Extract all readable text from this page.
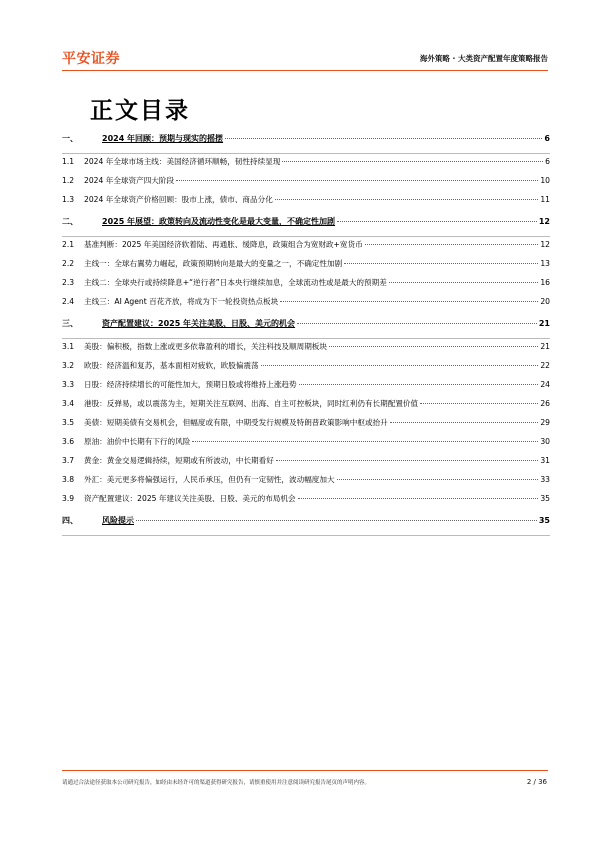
平安证券	海外策略 · 大类资产配置年度策略报告
正文目录
一、	2024 年回顾：预期与现实的摇摆	6
1.1	2024 年全球市场主线：美国经济循环顺畅，韧性持续显现	6
1.2	2024 年全球资产四大阶段	10
1.3	2024 年全球资产价格回顾：股市上涨，债市、商品分化	11
二、	2025 年展望：政策转向及流动性变化是最大变量，不确定性加剧	12
2.1	基准判断：2025 年美国经济软着陆、再通胀、缓降息，政策组合为宽财政+宽货币	12
2.2	主线一：全球右翼势力崛起，政策预期转向是最大的变量之一，不确定性加剧	13
2.3	主线二：全球央行或持续降息+“逆行者”日本央行继续加息，全球流动性或是最大的预期差	16
2.4	主线三：AI Agent 百花齐放，将成为下一轮投资热点板块	20
三、	资产配置建议：2025 年关注美股、日股、美元的机会	21
3.1	美股：偏积极，指数上涨或更多依靠盈利的增长，关注科技及顺周期板块	21
3.2	欧股：经济温和复苏，基本面相对疲软，欧股偏震荡	22
3.3	日股：经济持续增长的可能性加大，预期日股或将维持上涨趋势	24
3.4	港股：反弹易，或以震荡为主，短期关注互联网、出海、自主可控板块，同时红利仍有长期配置价值	26
3.5	美债：短期美债有交易机会，但幅度或有限，中期受发行规模及特朗普政策影响中枢或抬升	29
3.6	原油：油价中长期有下行的风险	30
3.7	黄金：黄金交易逻辑持续，短期或有所波动，中长期看好	31
3.8	外汇：美元更多将偏强运行，人民币承压，但仍有一定韧性，波动幅度加大	33
3.9	资产配置建议：2025 年建议关注美股、日股、美元的布局机会	35
四、	风险提示	35
请通过合法途径获取本公司研究报告，如经由未经许可的渠道获得研究报告，请慎重使用并注意阅读研究报告尾页的声明内容。	2 / 36
